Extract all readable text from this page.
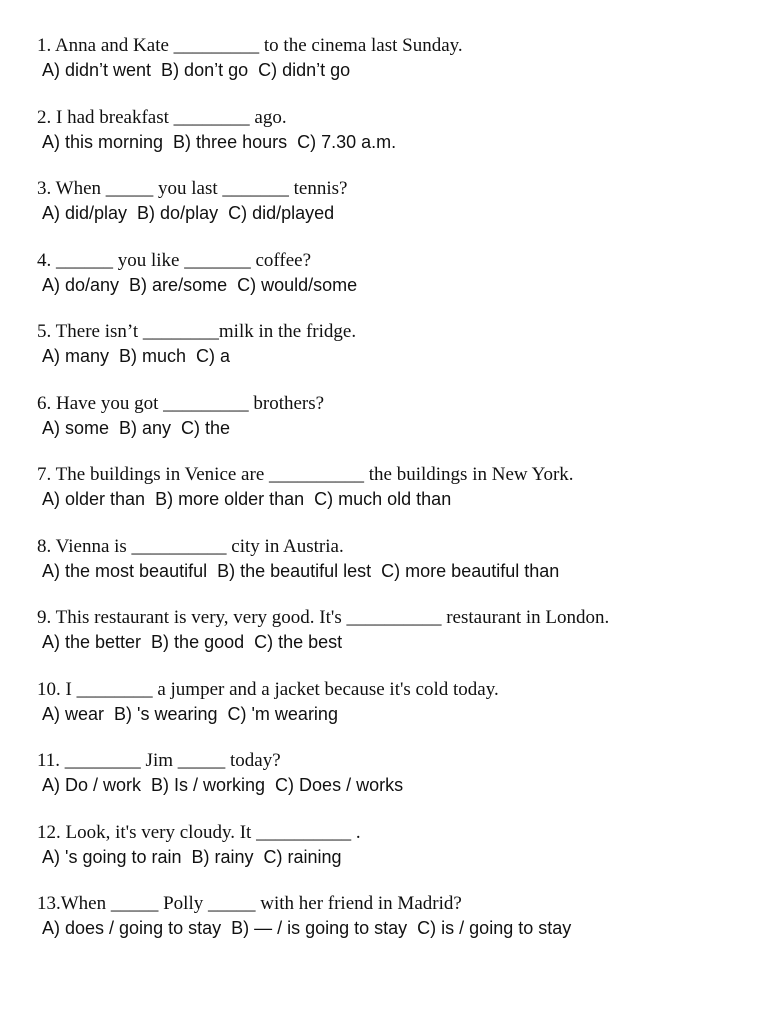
1. Anna and Kate _________ to the cinema last Sunday.

A) didn’t went  B) don’t go  C) didn’t go

2. I had breakfast ________ ago.

A) this morning  B) three hours  C) 7.30 a.m.

3. When _____ you last _______ tennis?

A) did/play  B) do/play  C) did/played

4. ______ you like _______ coffee?

A) do/any  B) are/some  C) would/some

5. There isn’t ________milk in the fridge.

A) many  B) much  C) a

6. Have you got _________ brothers?

A) some  B) any  C) the

7. The buildings in Venice are __________ the buildings in New York.

A) older than  B) more older than  C) much old than

8. Vienna is __________ city in Austria.

A) the most beautiful  B) the beautiful lest  C) more beautiful than

9. This restaurant is very, very good. It's __________ restaurant in London.

A) the better  B) the good  C) the best

10. I ________ a jumper and a jacket because it's cold today.

A) wear  B) 's wearing  C) 'm wearing

11. ________ Jim _____ today?

A) Do / work  B) Is / working  C) Does / works

12. Look, it's very cloudy. It __________ .

A) 's going to rain  B) rainy  C) raining

13.When _____ Polly _____ with her friend in Madrid?

A) does / going to stay  B) — / is going to stay  C) is / going to stay
